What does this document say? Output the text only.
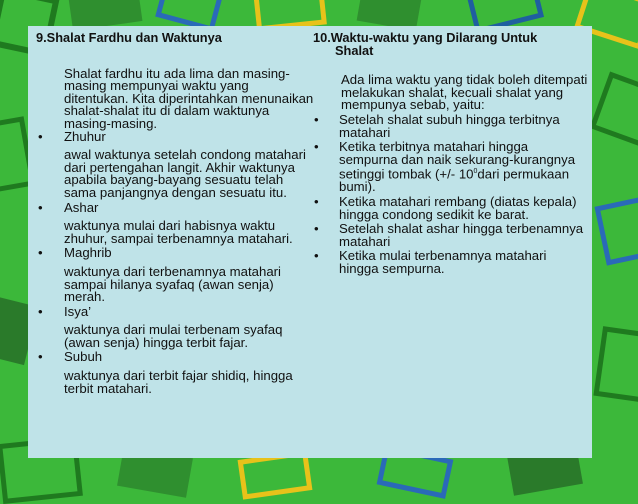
9.Shalat Fardhu dan Waktunya

Shalat fardhu itu ada lima dan masing-masing mempunyai waktu yang ditentukan. Kita diperintahkan menunaikan shalat-shalat itu di dalam waktunya masing-masing.

• Zhuhur

awal waktunya setelah condong matahari dari pertengahan langit. Akhir waktunya apabila bayang-bayang sesuatu telah sama panjangnya dengan sesuatu itu.

• Ashar

waktunya mulai dari habisnya waktu zhuhur, sampai terbenamnya matahari.

• Maghrib

waktunya dari terbenamnya matahari sampai hilanya syafaq (awan senja) merah.

• Isya’

waktunya dari mulai terbenam syafaq (awan senja) hingga terbit fajar.

• Subuh

waktunya dari terbit fajar shidiq, hingga terbit matahari.

10.Waktu-waktu yang Dilarang Untuk
Shalat

Ada lima waktu yang tidak boleh ditempati melakukan shalat, kecuali shalat yang mempunya sebab, yaitu:

• Setelah shalat subuh hingga terbitnya matahari

• Ketika terbitnya matahari hingga sempurna dan naik sekurang-kurangnya setinggi tombak (+/- $10^0dari$ permukaan bumi).

• Ketika matahari rembang (diatas kepala) hingga condong sedikit ke barat.

• Setelah shalat ashar hingga terbenamnya matahari

• Ketika mulai terbenamnya matahari hingga sempurna.
